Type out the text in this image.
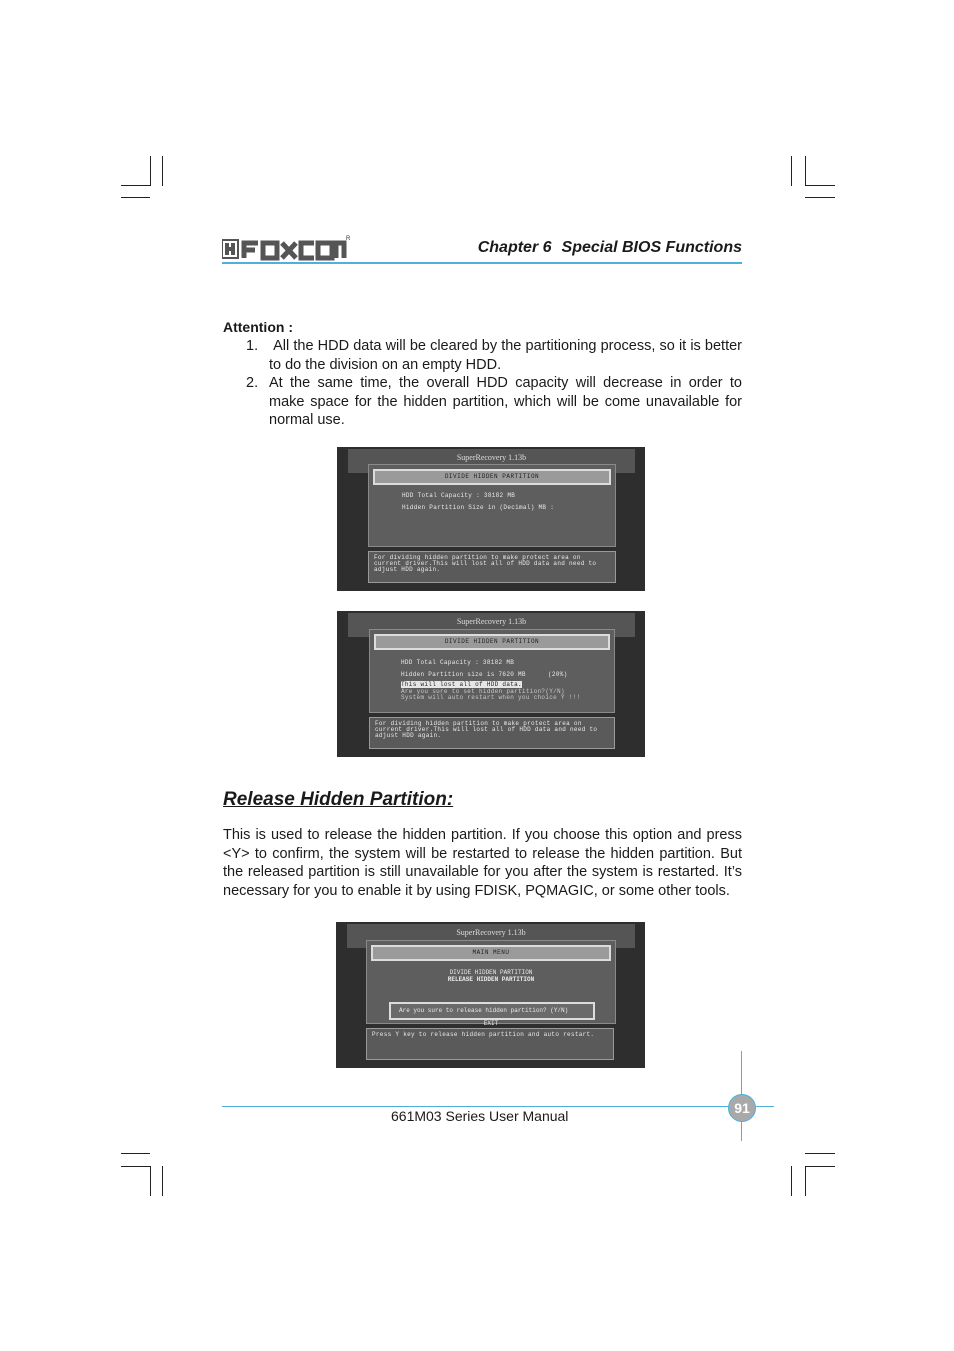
R	Chapter 6 Special BIOS Functions
Attention :
1. All the HDD data will be cleared by the partitioning process, so it is better to do the division on an empty HDD.
2. At the same time, the overall HDD capacity will decrease in order to make space for the hidden partition, which will be come unavailable for normal use.
SuperRecovery 1.13b
DIVIDE HIDDEN PARTITION
HDD Total Capacity : 38182 MB
Hidden Partition Size in (Decimal) MB :
For dividing hidden partition to make protect area on
current driver.This will lost all of HDD data and need to
adjust HDD again.
SuperRecovery 1.13b
DIVIDE HIDDEN PARTITION
HDD Total Capacity : 38182 MB
Hidden Partition size is 7620 MB	(20%)
This will lost all of HDD data.
Are you sure to set hidden partition?(Y/N)
System will auto restart when you choice Y !!!
For dividing hidden partition to make protect area on
current driver.This will lost all of HDD data and need to
adjust HDD again.
Release Hidden Partition:
This is used to release the hidden partition. If you choose this option and press <Y> to confirm, the system will be restarted to release the hidden partition. But the released partition is still unavailable for you after the system is restarted. It’s necessary for you to enable it by using FDISK, PQMAGIC, or some other tools.
SuperRecovery 1.13b
MAIN MENU
DIVIDE HIDDEN PARTITION
RELEASE HIDDEN PARTITION
Are you sure to release hidden partition? (Y/N)
EXIT
Press Y key to release hidden partition and auto restart.
661M03 Series User Manual	91
